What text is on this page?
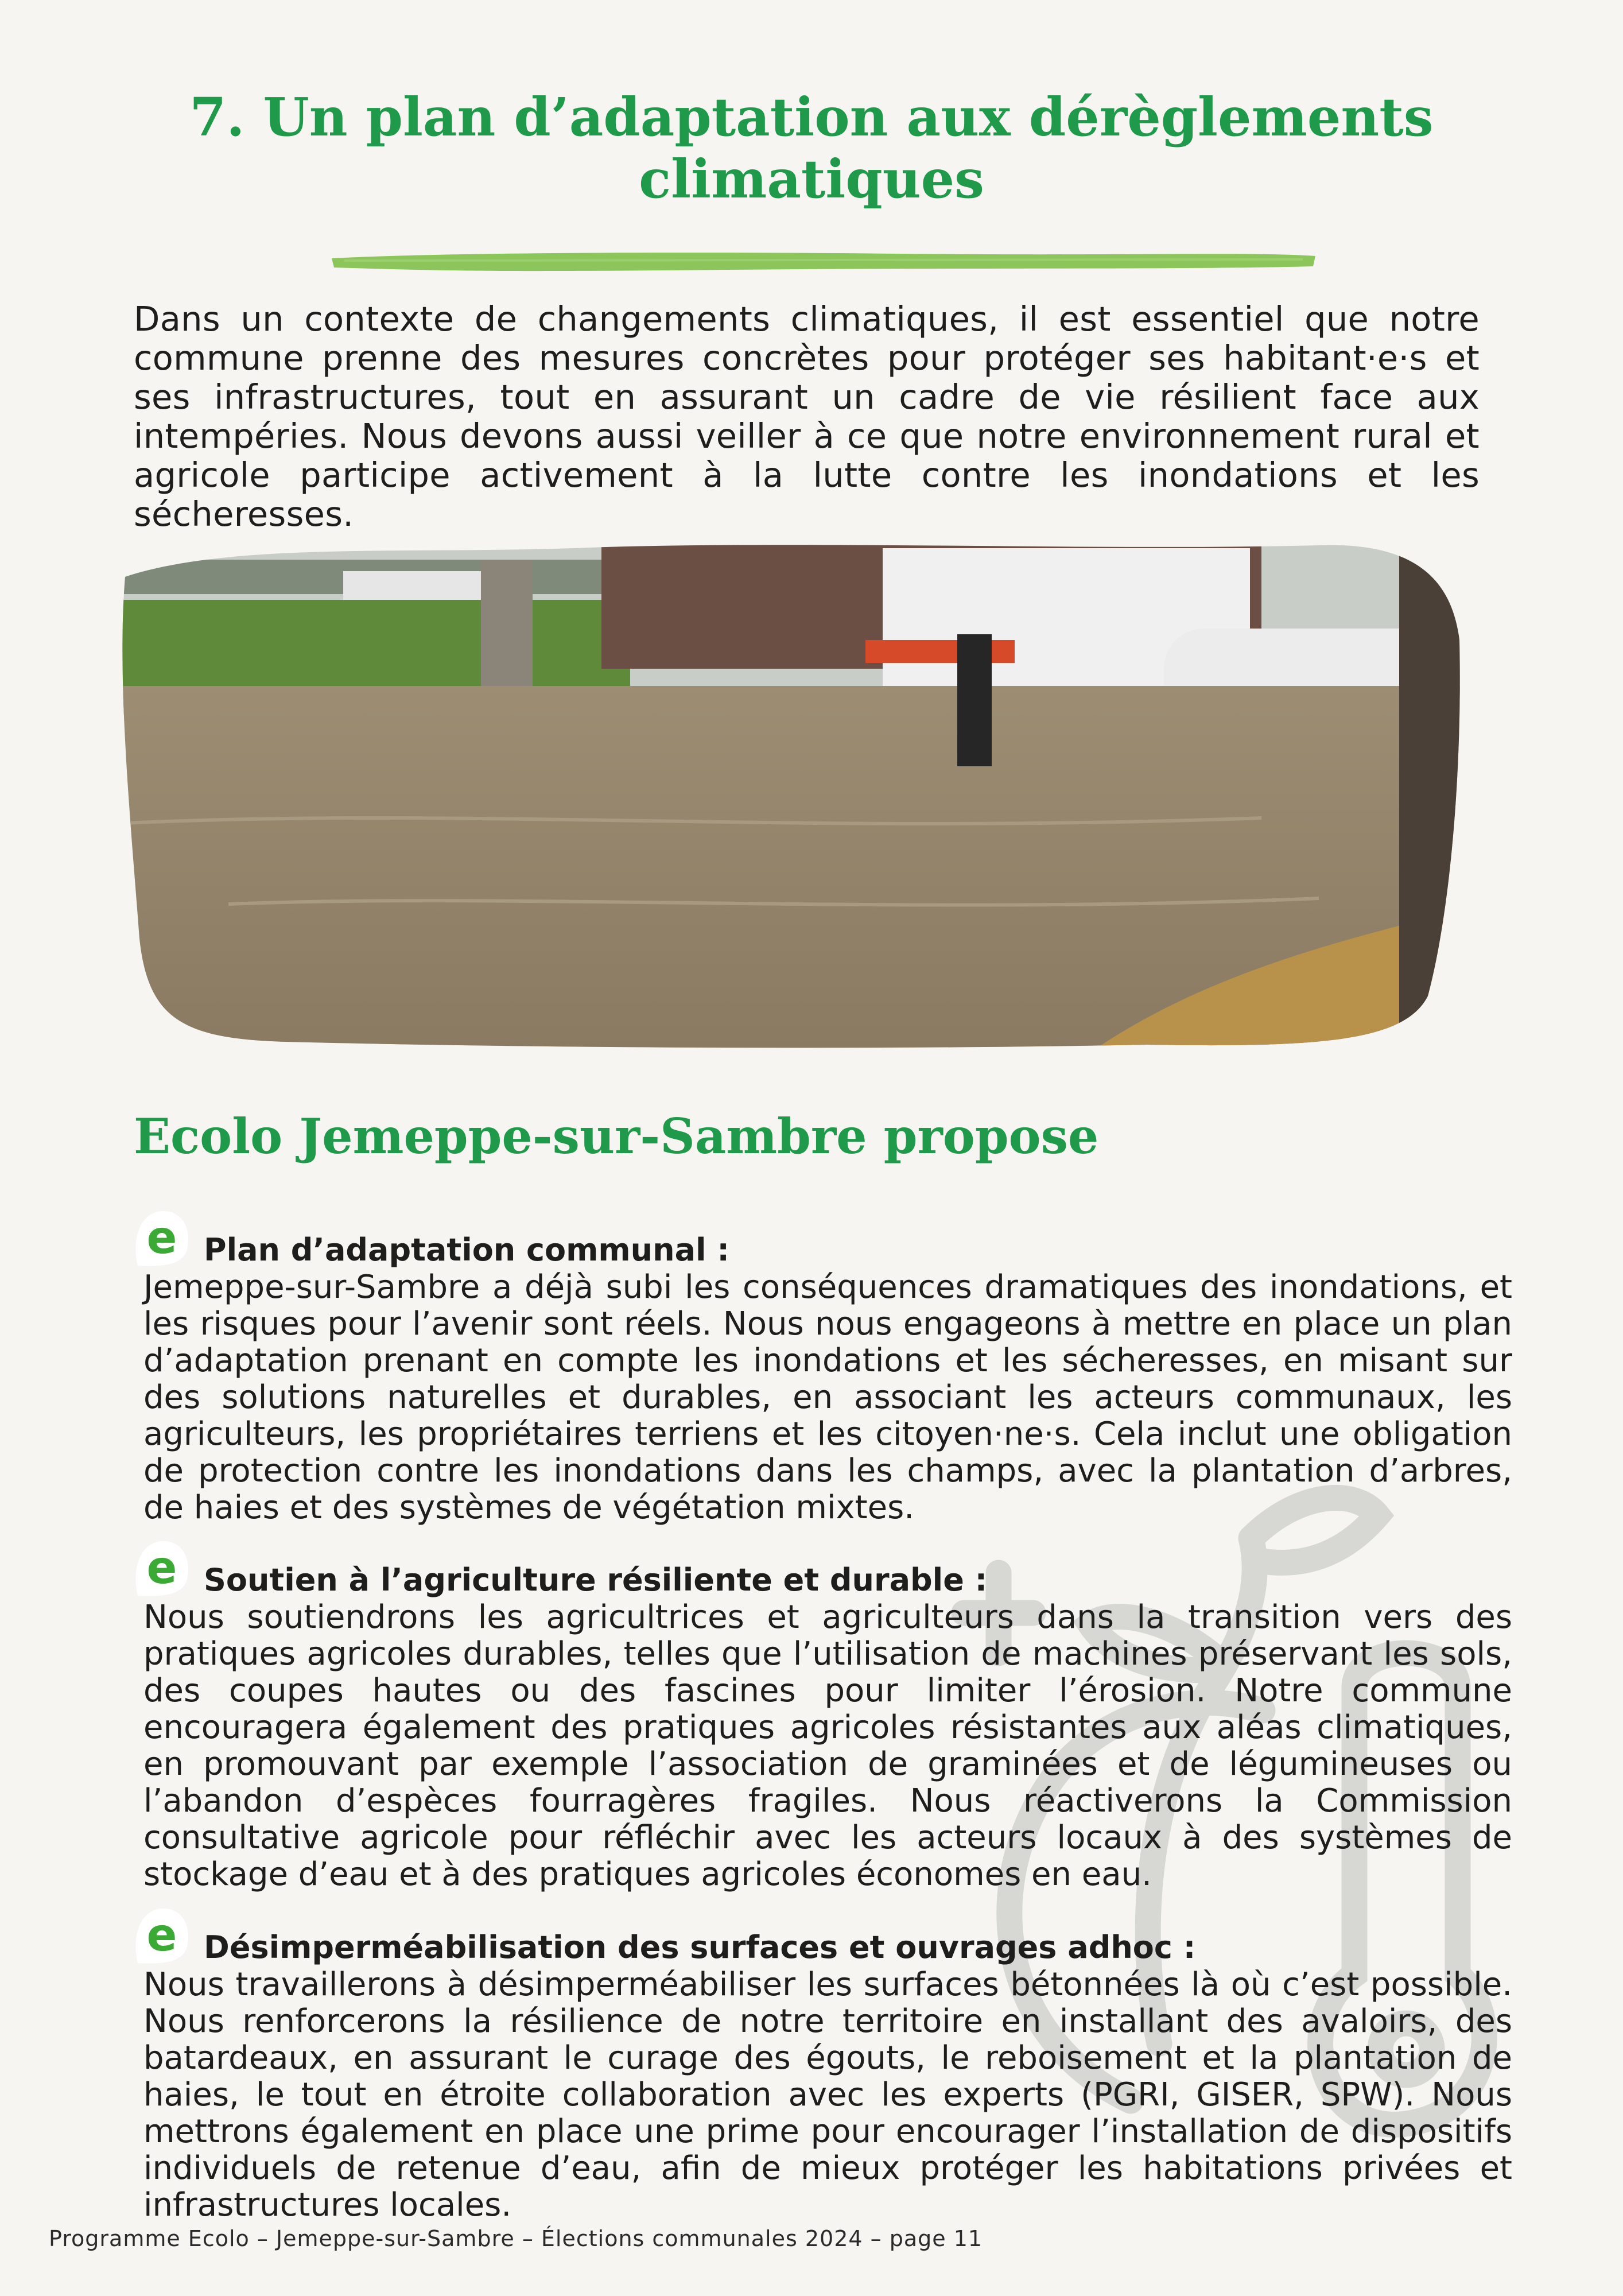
7. Un plan d’adaptation aux dérèglements climatiques

Dans un contexte de changements climatiques, il est essentiel que notre commune prenne des mesures concrètes pour protéger ses habitant·e·s et ses infrastructures, tout en assurant un cadre de vie résilient face aux intempéries. Nous devons aussi veiller à ce que notre environnement rural et agricole participe activement à la lutte contre les inondations et les sécheresses.

Ecolo Jemeppe-sur-Sambre propose
e Plan d’adaptation communal :

Jemeppe-sur-Sambre a déjà subi les conséquences dramatiques des inondations, et les risques pour l’avenir sont réels. Nous nous engageons à mettre en place un plan d’adaptation prenant en compte les inondations et les sécheresses, en misant sur des solutions naturelles et durables, en associant les acteurs communaux, les agriculteurs, les propriétaires terriens et les citoyen·ne·s. Cela inclut une obligation de protection contre les inondations dans les champs, avec la plantation d’arbres, de haies et des systèmes de végétation mixtes.

e Soutien à l’agriculture résiliente et durable :

Nous soutiendrons les agricultrices et agriculteurs dans la transition vers des pratiques agricoles durables, telles que l’utilisation de machines préservant les sols, des coupes hautes ou des fascines pour limiter l’érosion. Notre commune encouragera également des pratiques agricoles résistantes aux aléas climatiques, en promouvant par exemple l’association de graminées et de légumineuses ou l’abandon d’espèces fourragères fragiles. Nous réactiverons la Commission consultative agricole pour réfléchir avec les acteurs locaux à des systèmes de stockage d’eau et à des pratiques agricoles économes en eau.

e Désimperméabilisation des surfaces et ouvrages adhoc :

Nous travaillerons à désimperméabiliser les surfaces bétonnées là où c’est possible. Nous renforcerons la résilience de notre territoire en installant des avaloirs, des batardeaux, en assurant le curage des égouts, le reboisement et la plantation de haies, le tout en étroite collaboration avec les experts (PGRI, GISER, SPW). Nous mettrons également en place une prime pour encourager l’installation de dispositifs individuels de retenue d’eau, afin de mieux protéger les habitations privées et infrastructures locales.

Programme Ecolo – Jemeppe-sur-Sambre – Élections communales 2024 – page 11
